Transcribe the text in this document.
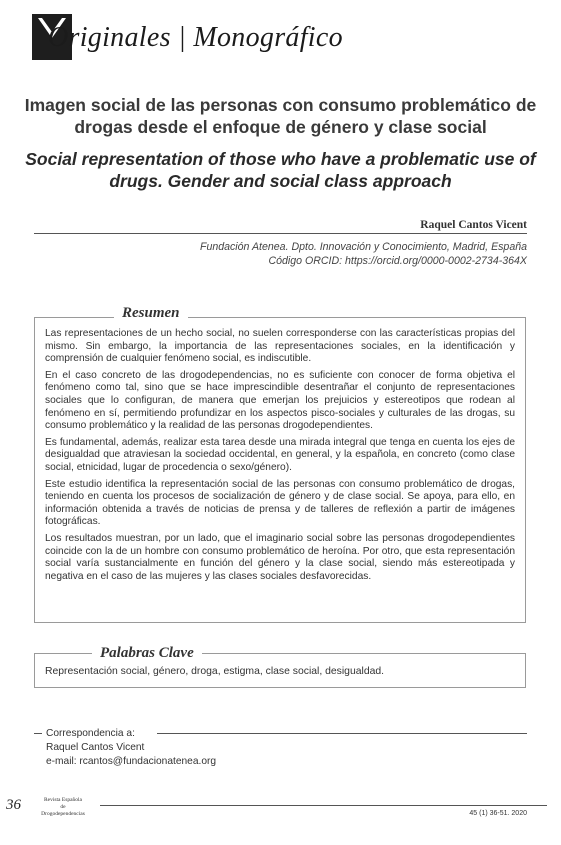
Originales | Monográfico
Imagen social de las personas con consumo problemático de drogas desde el enfoque de género y clase social
Social representation of those who have a problematic use of drugs. Gender and social class approach
Raquel Cantos Vicent
Fundación Atenea. Dpto. Innovación y Conocimiento, Madrid, España
Código ORCID: https://orcid.org/0000-0002-2734-364X

Las representaciones de un hecho social, no suelen corresponderse con las características propias del mismo. Sin embargo, la importancia de las representaciones sociales, en la identificación y comprensión de cualquier fenómeno social, es indiscutible.

En el caso concreto de las drogodependencias, no es suficiente con conocer de forma objetiva el fenómeno como tal, sino que se hace imprescindible desentrañar el conjunto de representaciones sociales que lo configuran, de manera que emerjan los prejuicios y estereotipos que rodean al fenómeno en sí, permitiendo profundizar en los aspectos pisco-sociales y culturales de las drogas, su consumo problemático y la realidad de las personas drogodependientes.

Es fundamental, además, realizar esta tarea desde una mirada integral que tenga en cuenta los ejes de desigualdad que atraviesan la sociedad occidental, en general, y la española, en concreto (como clase social, etnicidad, lugar de procedencia o sexo/género).

Este estudio identifica la representación social de las personas con consumo problemático de drogas, teniendo en cuenta los procesos de socialización de género y de clase social. Se apoya, para ello, en información obtenida a través de noticias de prensa y de talleres de reflexión a partir de imágenes fotográficas.

Los resultados muestran, por un lado, que el imaginario social sobre las personas drogodependientes coincide con la de un hombre con consumo problemático de heroína. Por otro, que esta representación social varía sustancialmente en función del género y la clase social, siendo más estereotipada y negativa en el caso de las mujeres y las clases sociales desfavorecidas.

Resumen
Representación social, género, droga, estigma, clase social, desigualdad.
Palabras Clave
Correspondencia a:
Raquel Cantos Vicent
e-mail: rcantos@fundacionatenea.org
36	Revista Española
de
Drogodependencias	45 (1) 36-51. 2020
